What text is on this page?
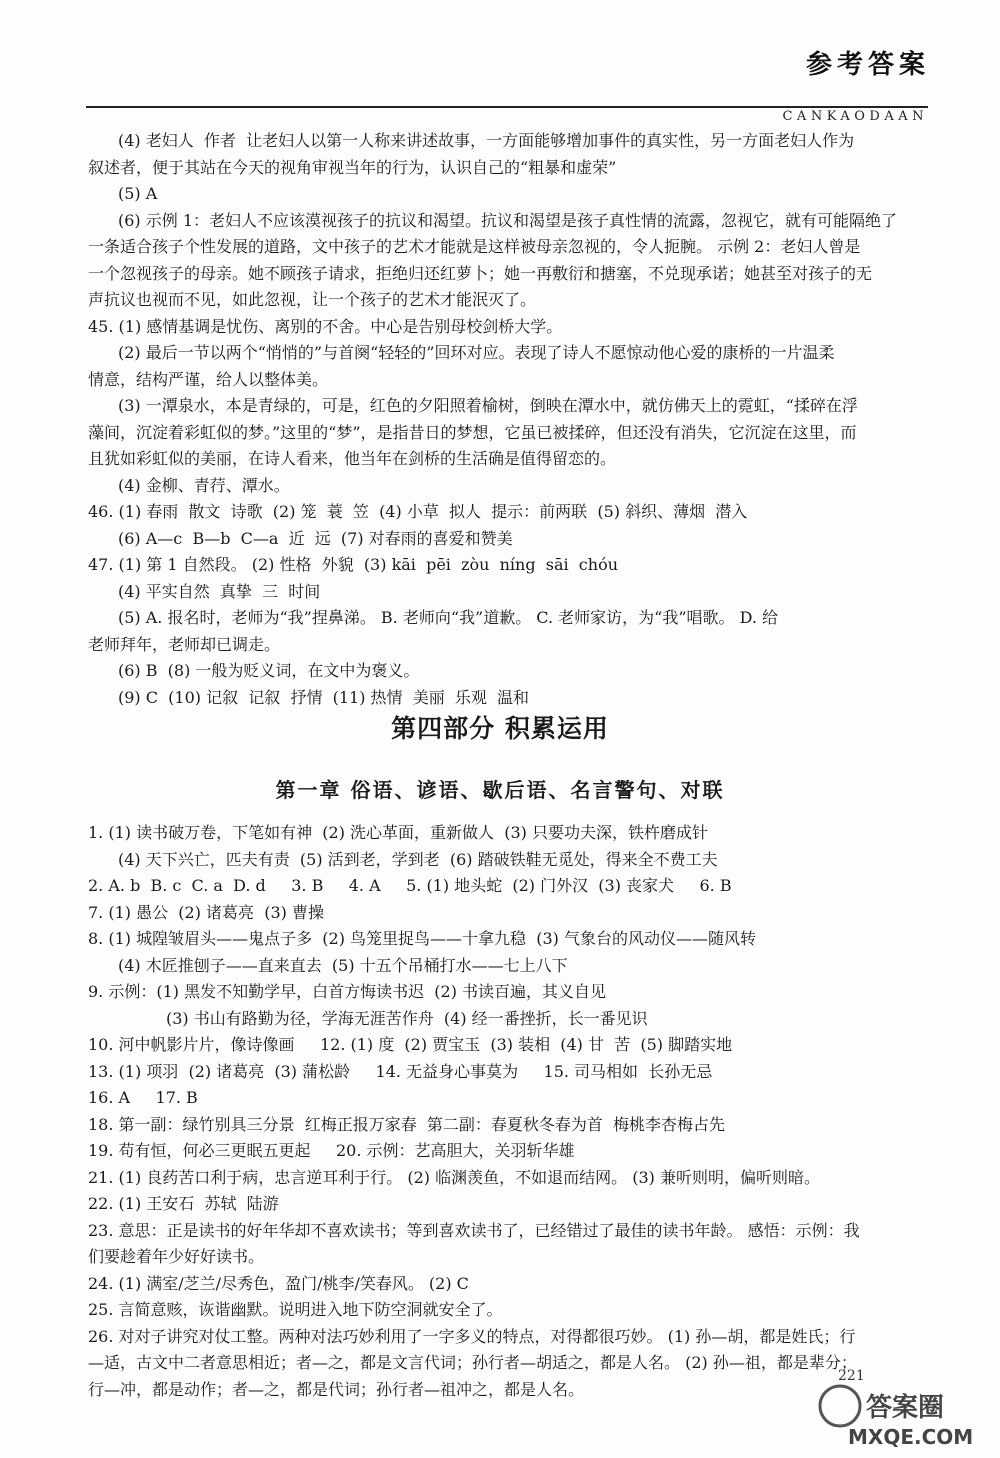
参考答案
CANKAODAAN
(4) 老妇人  作者  让老妇人以第一人称来讲述故事，一方面能够增加事件的真实性，另一方面老妇人作为
叙述者，便于其站在今天的视角审视当年的行为，认识自己的“粗暴和虚荣”
(5) A
(6) 示例 1：老妇人不应该漠视孩子的抗议和渴望。抗议和渴望是孩子真性情的流露，忽视它，就有可能隔绝了
一条适合孩子个性发展的道路，文中孩子的艺术才能就是这样被母亲忽视的，令人扼腕。 示例 2：老妇人曾是
一个忽视孩子的母亲。她不顾孩子请求，拒绝归还红萝卜；她一再敷衍和搪塞，不兑现承诺；她甚至对孩子的无
声抗议也视而不见，如此忽视，让一个孩子的艺术才能泯灭了。
45. (1) 感情基调是忧伤、离别的不舍。中心是告别母校剑桥大学。
(2) 最后一节以两个“悄悄的”与首阕“轻轻的”回环对应。表现了诗人不愿惊动他心爱的康桥的一片温柔
情意，结构严谨，给人以整体美。
(3) 一潭泉水，本是青绿的，可是，红色的夕阳照着榆树，倒映在潭水中，就仿佛天上的霓虹，“揉碎在浮
藻间，沉淀着彩虹似的梦。”这里的“梦”，是指昔日的梦想，它虽已被揉碎，但还没有消失，它沉淀在这里，而
且犹如彩虹似的美丽，在诗人看来，他当年在剑桥的生活确是值得留恋的。
(4) 金柳、青荇、潭水。
46. (1) 春雨  散文  诗歌  (2) 笼  蓑  笠  (4) 小草  拟人  提示：前两联  (5) 斜织、薄烟  潜入
(6) A—c  B—b  C—a  近  远  (7) 对春雨的喜爱和赞美
47. (1) 第 1 自然段。 (2) 性格  外貌  (3) kāi  pēi  zòu  níng  sāi  chóu
(4) 平实自然  真挚  三  时间
(5) A. 报名时，老师为“我”捏鼻涕。 B. 老师向“我”道歉。 C. 老师家访，为“我”唱歌。 D. 给
老师拜年，老师却已调走。
(6) B  (8) 一般为贬义词，在文中为褒义。
(9) C  (10) 记叙  记叙  抒情  (11) 热情  美丽  乐观  温和
第四部分 积累运用
第一章 俗语、谚语、歇后语、名言警句、对联
1. (1) 读书破万卷，下笔如有神  (2) 洗心革面，重新做人  (3) 只要功夫深，铁杵磨成针
(4) 天下兴亡，匹夫有责  (5) 活到老，学到老  (6) 踏破铁鞋无觅处，得来全不费工夫
2. A. b  B. c  C. a  D. d     3. B     4. A     5. (1) 地头蛇  (2) 门外汉  (3) 丧家犬     6. B
7. (1) 愚公  (2) 诸葛亮  (3) 曹操
8. (1) 城隍皱眉头——鬼点子多  (2) 鸟笼里捉鸟——十拿九稳  (3) 气象台的风动仪——随风转
(4) 木匠推刨子——直来直去  (5) 十五个吊桶打水——七上八下
9. 示例：(1) 黑发不知勤学早，白首方悔读书迟  (2) 书读百遍，其义自见
(3) 书山有路勤为径，学海无涯苦作舟  (4) 经一番挫折，长一番见识
10. 河中帆影片片，像诗像画     12. (1) 度  (2) 贾宝玉  (3) 装相  (4) 甘  苦  (5) 脚踏实地
13. (1) 项羽  (2) 诸葛亮  (3) 蒲松龄     14. 无益身心事莫为     15. 司马相如  长孙无忌
16. A     17. B
18. 第一副：绿竹别具三分景  红梅正报万家春  第二副：春夏秋冬春为首  梅桃李杏梅占先
19. 苟有恒，何必三更眠五更起     20. 示例：艺高胆大，关羽斩华雄
21. (1) 良药苦口利于病，忠言逆耳利于行。 (2) 临渊羡鱼，不如退而结网。 (3) 兼听则明，偏听则暗。
22. (1) 王安石  苏轼  陆游
23. 意思：正是读书的好年华却不喜欢读书；等到喜欢读书了，已经错过了最佳的读书年龄。 感悟：示例：我
们要趁着年少好好读书。
24. (1) 满室/芝兰/尽秀色，盈门/桃李/笑春风。 (2) C
25. 言简意赅，诙谐幽默。说明进入地下防空洞就安全了。
26. 对对子讲究对仗工整。两种对法巧妙利用了一字多义的特点，对得都很巧妙。 (1) 孙—胡，都是姓氏；行
—适，古文中二者意思相近；者—之，都是文言代词；孙行者—胡适之，都是人名。 (2) 孙—祖，都是辈分；
行—冲，都是动作；者—之，都是代词；孙行者—祖冲之，都是人名。
221
答案圈
MXQE.COM
